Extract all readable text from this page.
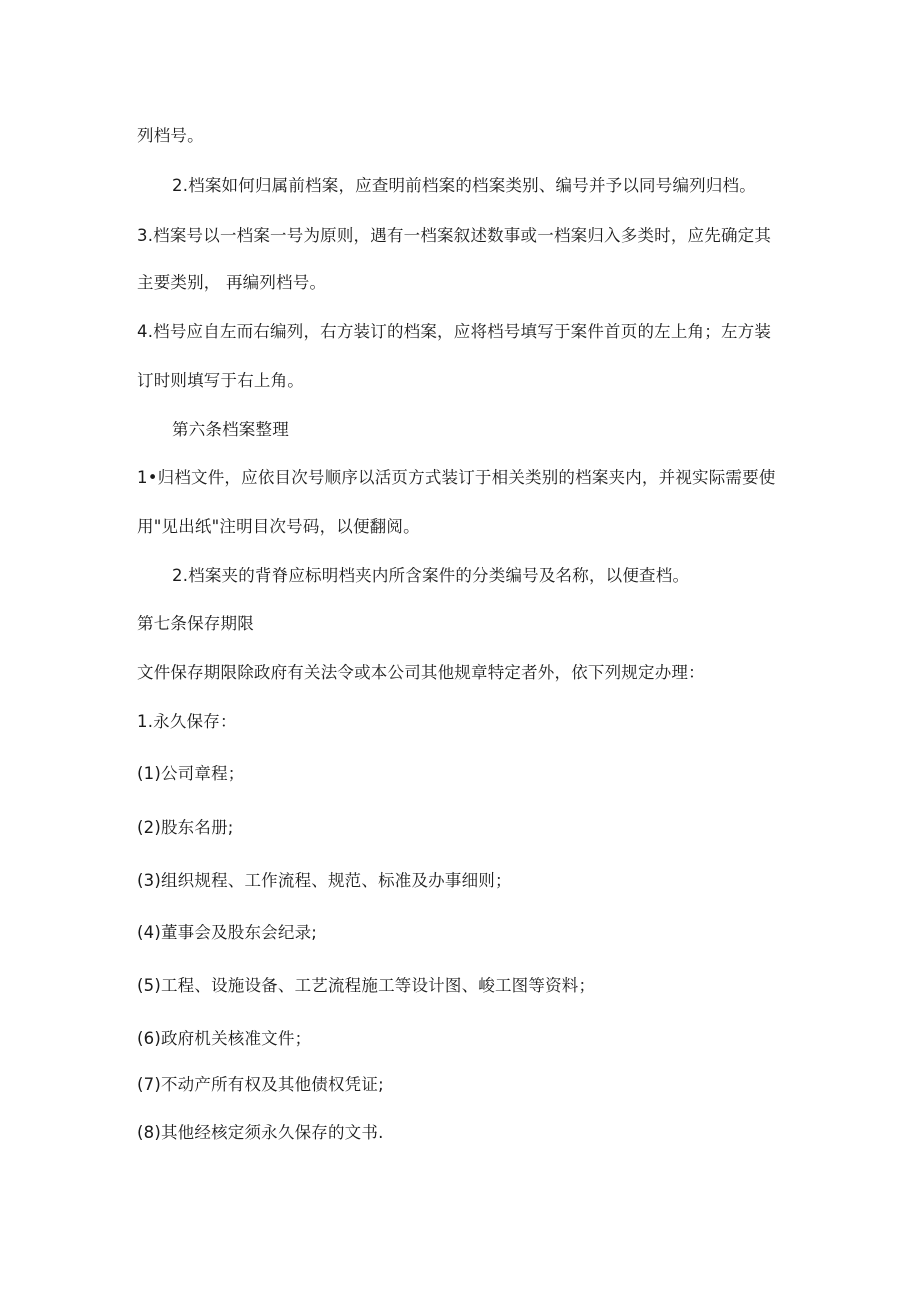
列档号。
2.档案如何归属前档案，应查明前档案的档案类别、编号并予以同号编列归档。
3.档案号以一档案一号为原则，遇有一档案叙述数事或一档案归入多类时，应先确定其
主要类别， 再编列档号。
4.档号应自左而右编列，右方装订的档案，应将档号填写于案件首页的左上角；左方装
订时则填写于右上角。
第六条档案整理
1•归档文件，应依目次号顺序以活页方式装订于相关类别的档案夹内，并视实际需要使
用"见出纸"注明目次号码，以便翻阅。
2.档案夹的背脊应标明档夹内所含案件的分类编号及名称，以便查档。
第七条保存期限
文件保存期限除政府有关法令或本公司其他规章特定者外，依下列规定办理：
1.永久保存：
(1)公司章程；
(2)股东名册;
(3)组织规程、工作流程、规范、标准及办事细则；
(4)董事会及股东会纪录;
(5)工程、设施设备、工艺流程施工等设计图、峻工图等资料；
(6)政府机关核准文件；
(7)不动产所有权及其他债权凭证;
(8)其他经核定须永久保存的文书.
